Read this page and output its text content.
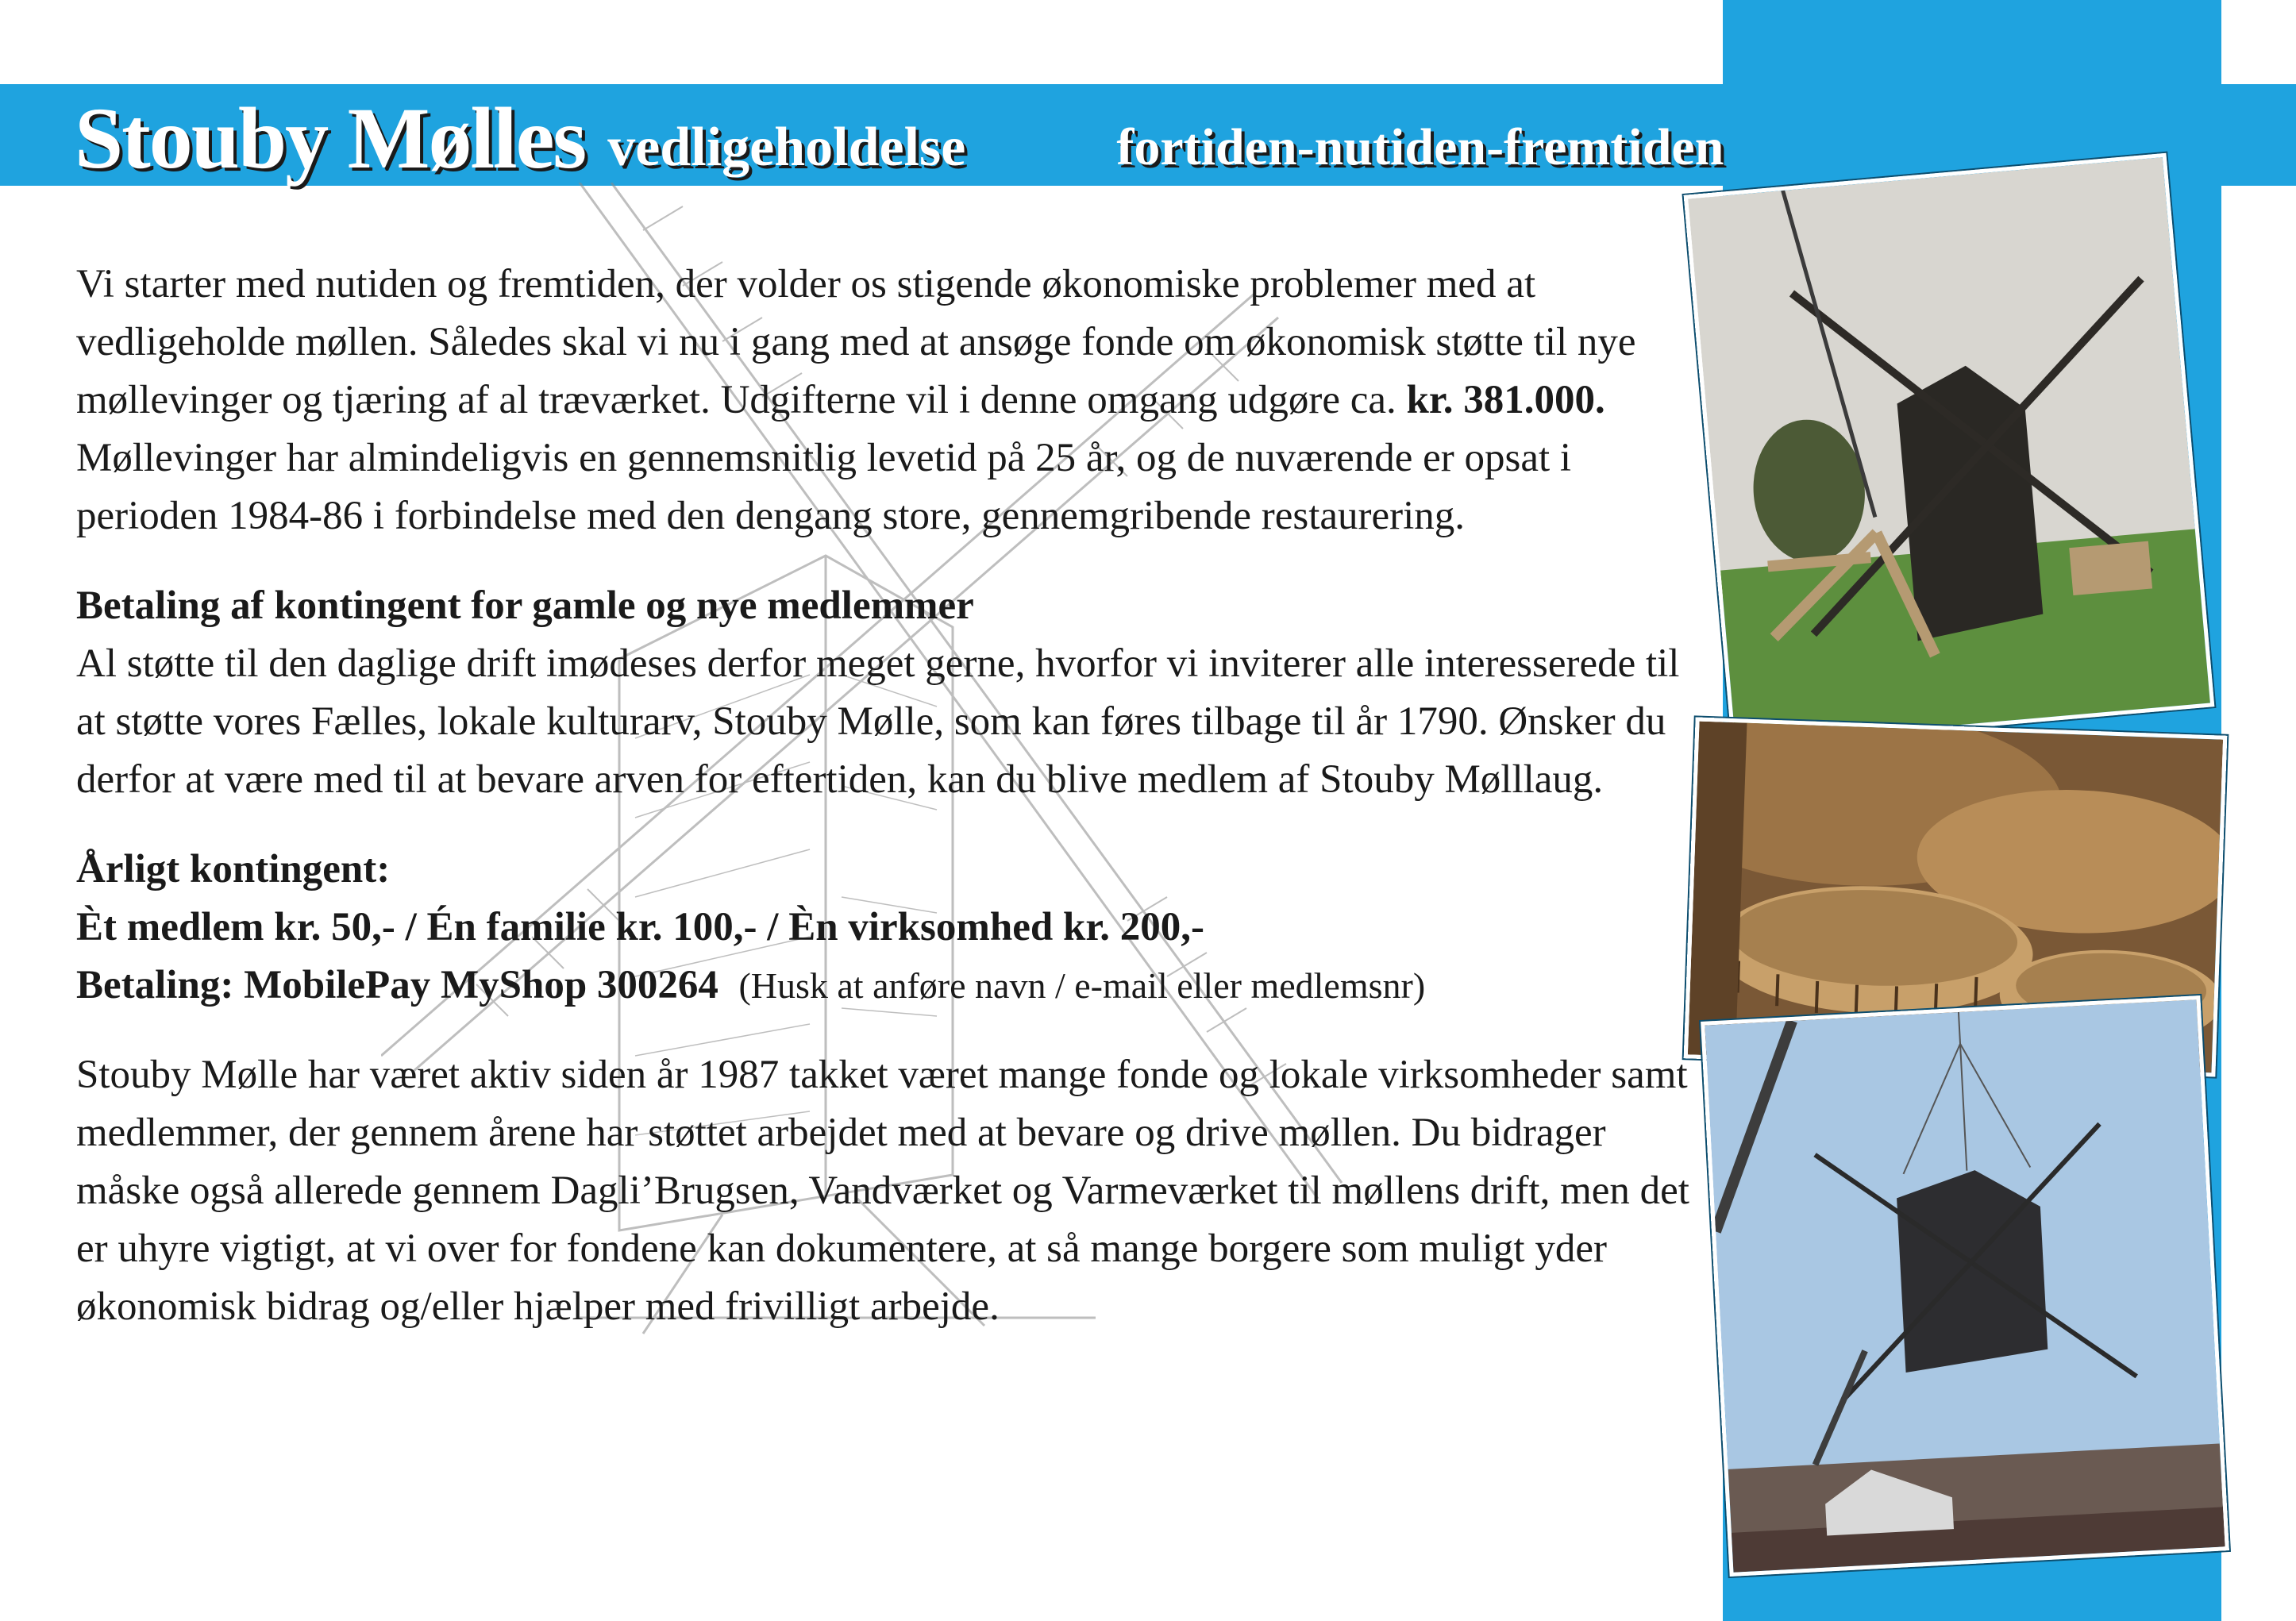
Stouby Mølles vedligeholdelse	fortiden-nutiden-fremtiden

Vi starter med nutiden og fremtiden, der volder os stigende økonomiske problemer med at vedligeholde møllen. Således skal vi nu i gang med at ansøge fonde om økonomisk støtte til nye møllevinger og tjæring af al træværket. Udgifterne vil i denne omgang udgøre ca. kr. 381.000. Møllevinger har almindeligvis en gennemsnitlig levetid på 25 år, og de nuværende er opsat i perioden 1984-86 i forbindelse med den dengang store, gennemgribende restaurering.

Betaling af kontingent for gamle og nye medlemmer

Al støtte til den daglige drift imødeses derfor meget gerne, hvorfor vi inviterer alle interesserede til at støtte vores Fælles, lokale kulturarv, Stouby Mølle, som kan føres tilbage til år 1790. Ønsker du derfor at være med til at bevare arven for eftertiden, kan du blive medlem af Stouby Mølllaug.

Årligt kontingent:

Èt medlem kr. 50,- / Én familie kr. 100,- / Èn virksomhed kr. 200,-

Betaling: MobilePay MyShop 300264 (Husk at anføre navn / e-mail eller medlemsnr)

Stouby Mølle har været aktiv siden år 1987 takket været mange fonde og lokale virksomheder samt medlemmer, der gennem årene har støttet arbejdet med at bevare og drive møllen. Du bidrager måske også allerede gennem Dagli’Brugsen, Vandværket og Varmeværket til møllens drift, men det er uhyre vigtigt, at vi over for fondene kan dokumentere, at så mange borgere som muligt yder økonomisk bidrag og/eller hjælper med frivilligt arbejde.
